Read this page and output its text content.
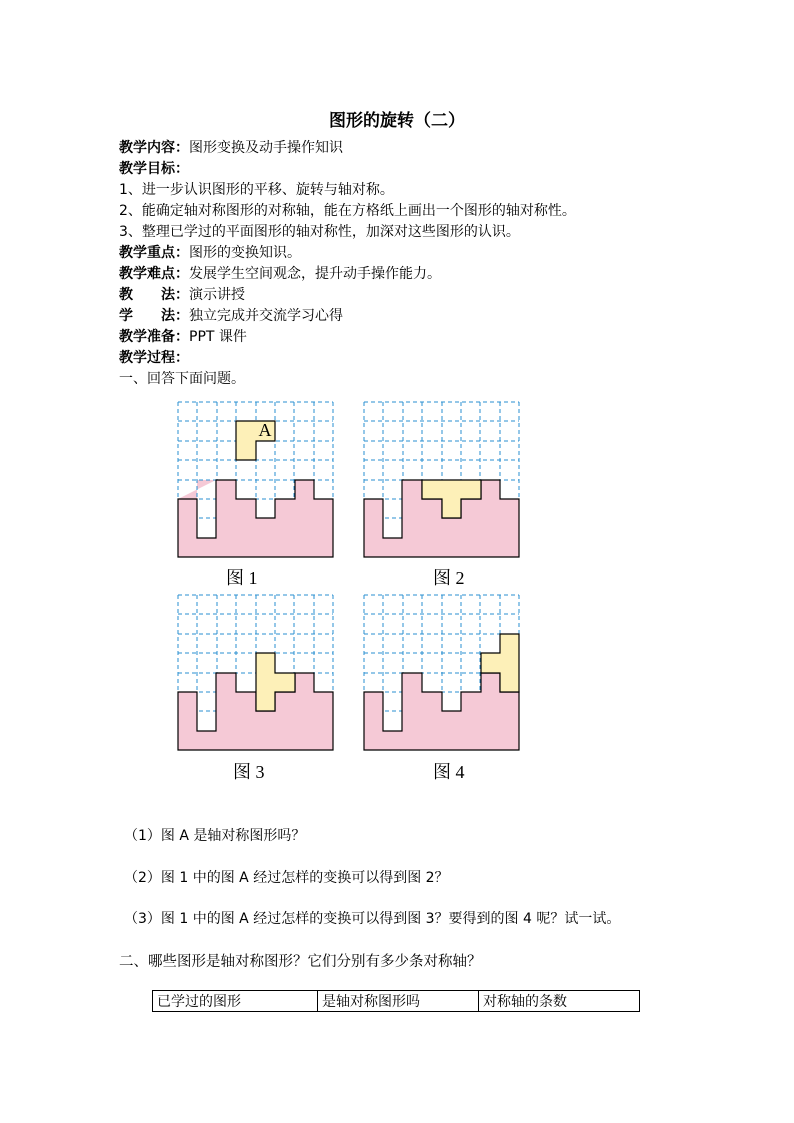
图形的旋转（二）
教学内容：图形变换及动手操作知识
教学目标：
1、进一步认识图形的平移、旋转与轴对称。
2、能确定轴对称图形的对称轴，能在方格纸上画出一个图形的轴对称性。
3、整理已学过的平面图形的轴对称性，加深对这些图形的认识。
教学重点：图形的变换知识。
教学难点：发展学生空间观念，提升动手操作能力。
教　　法：演示讲授
学　　法：独立完成并交流学习心得
教学准备：PPT 课件
教学过程：
一、回答下面问题。
A
图 1	图 2
图 3	图 4
（1）图 A 是轴对称图形吗？
（2）图 1 中的图 A 经过怎样的变换可以得到图 2？
（3）图 1 中的图 A 经过怎样的变换可以得到图 3？要得到的图 4 呢？试一试。
二、哪些图形是轴对称图形？它们分别有多少条对称轴？
已学过的图形	是轴对称图形吗	对称轴的条数
